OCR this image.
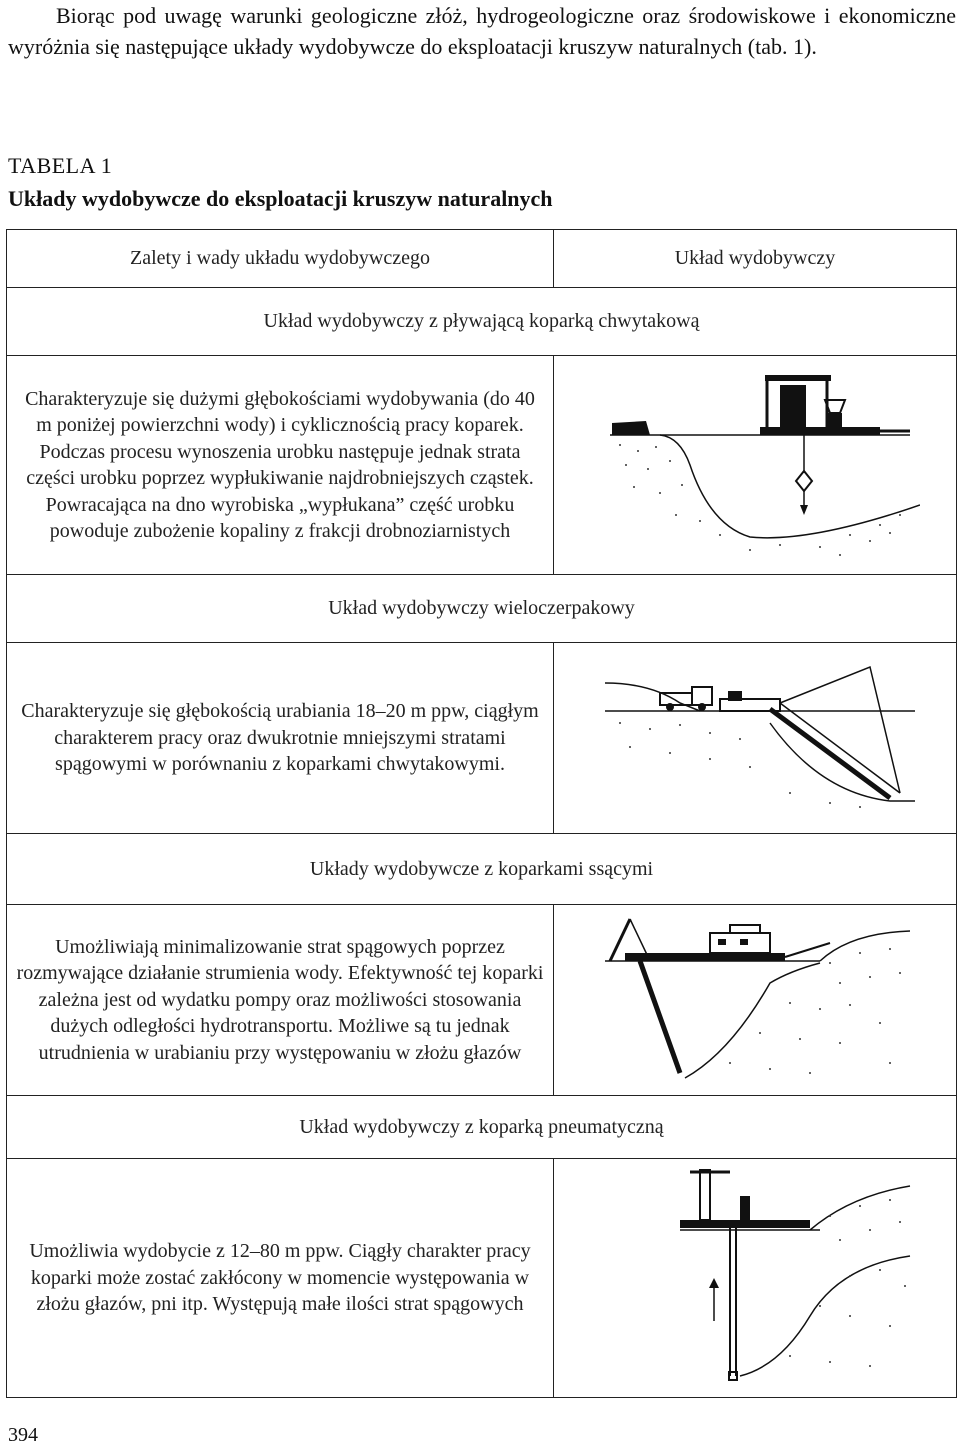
Biorąc pod uwagę warunki geologiczne złóż, hydrogeologiczne oraz środowiskowe i ekonomiczne wyróżnia się następujące układy wydobywcze do eksploatacji kruszyw naturalnych (tab. 1).
TABELA 1
Układy wydobywcze do eksploatacji kruszyw naturalnych
Zalety i wady układu wydobywczego	Układ wydobywczy
Układ wydobywczy z pływającą koparką chwytakową	
Charakteryzuje się dużymi głębokościami wydobywania (do 40 m poniżej powierzchni wody) i cyklicznością pracy koparek. Podczas procesu wynoszenia urobku następuje jednak strata części urobku poprzez wypłukiwanie najdrobniejszych cząstek. Powracająca na dno wyrobiska „wypłukana” część urobku powoduje zubożenie kopaliny z frakcji drobnoziarnistych	

Układ wydobywczy wieloczerpakowy	
Charakteryzuje się głębokością urabiania 18–20 m ppw, ciągłym charakterem pracy oraz dwukrotnie mniejszymi stratami spągowymi w porównaniu z koparkami chwytakowymi.	

Układy wydobywcze z koparkami ssącymi	
Umożliwiają minimalizowanie strat spągowych poprzez rozmywające działanie strumienia wody. Efektywność tej koparki zależna jest od wydatku pompy oraz możliwości stosowania dużych odległości hydrotransportu. Możliwe są tu jednak utrudnienia w urabianiu przy występowaniu w złożu głazów	

Układ wydobywczy z koparką pneumatyczną	
Umożliwia wydobycie z 12–80 m ppw. Ciągły charakter pracy koparki może zostać zakłócony w momencie występowania w złożu głazów, pni itp. Występują małe ilości strat spągowych	
394
